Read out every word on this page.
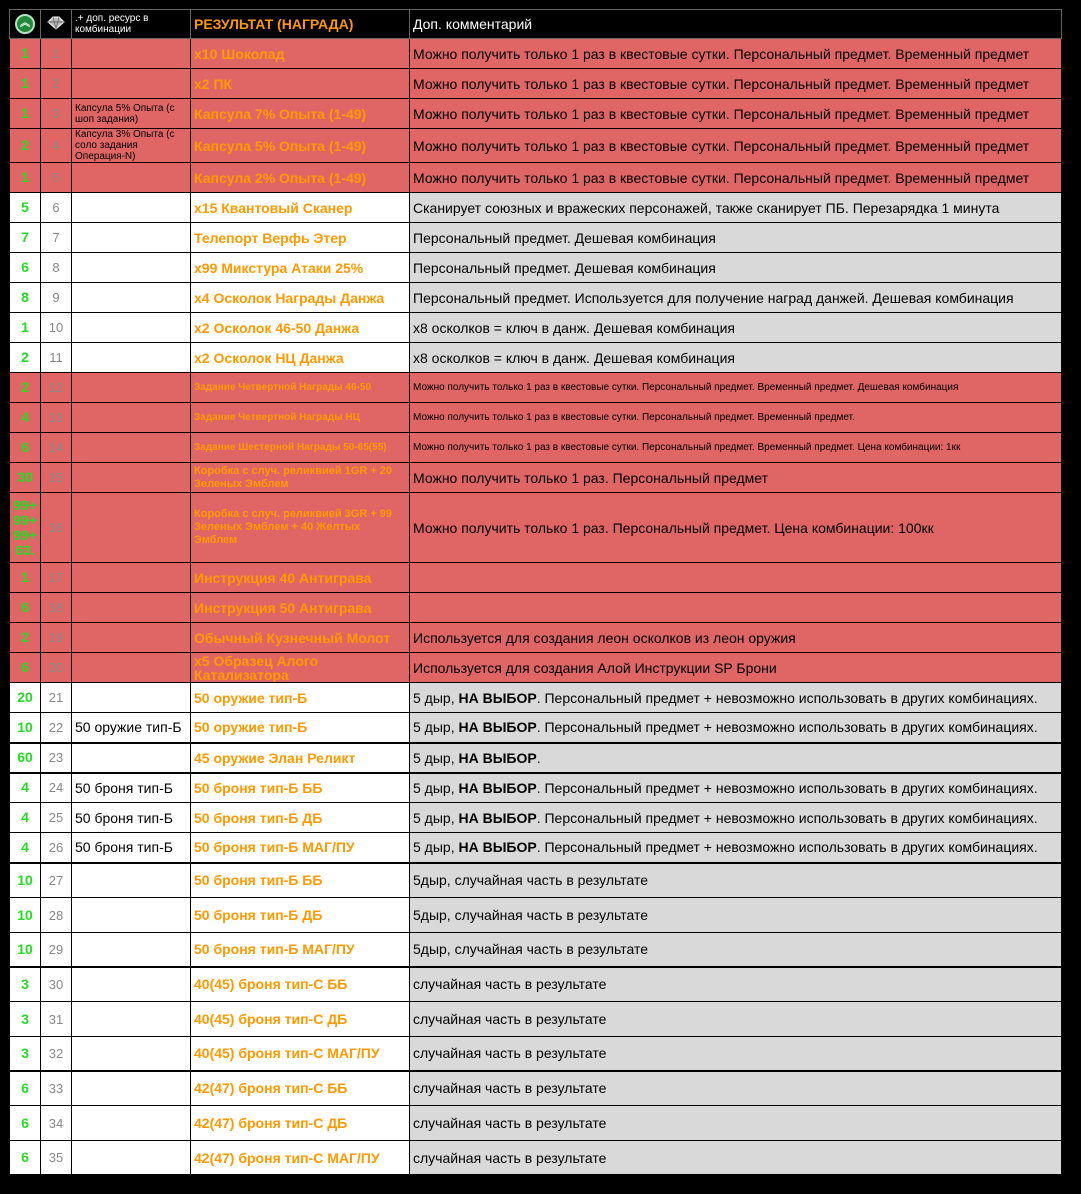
︽		.+ доп. ресурс в комбинации	РЕЗУЛЬТАТ (НАГРАДА)	Доп. комментарий
1	1		x10 Шоколад	Можно получить только 1 раз в квестовые сутки. Персональный предмет. Временный предмет
1	2		x2 ПК	Можно получить только 1 раз в квестовые сутки. Персональный предмет. Временный предмет
1	3	Капсула 5% Опыта (с шоп задания)	Капсула 7% Опыта (1-49)	Можно получить только 1 раз в квестовые сутки. Персональный предмет. Временный предмет
2	4	Капсула 3% Опыта (с соло задания Операция-N)	Капсула 5% Опыта (1-49)	Можно получить только 1 раз в квестовые сутки. Персональный предмет. Временный предмет
1	5		Капсула 2% Опыта (1-49)	Можно получить только 1 раз в квестовые сутки. Персональный предмет. Временный предмет
5	6		x15 Квантовый Сканер	Сканирует союзных и вражеских персонажей, также сканирует ПБ. Перезарядка 1 минута
7	7		Телепорт Верфь Этер	Персональный предмет. Дешевая комбинация
6	8		x99 Микстура Атаки 25%	Персональный предмет. Дешевая комбинация
8	9		x4 Осколок Награды Данжа	Персональный предмет. Используется для получение наград данжей. Дешевая комбинация
1	10		x2 Осколок 46-50 Данжа	x8 осколков = ключ в данж. Дешевая комбинация
2	11		x2 Осколок НЦ Данжа	x8 осколков = ключ в данж. Дешевая комбинация
2	12		Задание Четвертной Награды 46-50	Можно получить только 1 раз в квестовые сутки. Персональный предмет. Временный предмет. Дешевая комбинация
4	13		Задание Четвертной Награды НЦ	Можно получить только 1 раз в квестовые сутки. Персональный предмет. Временный предмет.
6	14		Задание Шестерной Награды 50-65(55)	Можно получить только 1 раз в квестовые сутки. Персональный предмет. Временный предмет. Цена комбинации: 1кк
30	15		Коробка с случ. реликвией 1GR + 20 Зеленых Эмблем	Можно получить только 1 раз. Персональный предмет
99+ 99+ 99+ 63.	16		Коробка с случ. реликвией 3GR + 99 Зеленых Эмблем + 40 Желтых Эмблем	Можно получить только 1 раз. Персональный предмет. Цена комбинации: 100кк
1	17		Инструкция 40 Антиграва	
6	18		Инструкция 50 Антиграва	
2	19		Обычный Кузнечный Молот	Используется для создания леон осколков из леон оружия
6	20		x5 Образец Алого Катализатора	Используется для создания Алой Инструкции SP Брони
20	21		50 оружие тип-Б	5 дыр, НА ВЫБОР. Персональный предмет + невозможно использовать в других комбинациях.
10	22	50 оружие тип-Б	50 оружие тип-Б	5 дыр, НА ВЫБОР. Персональный предмет + невозможно использовать в других комбинациях.
60	23		45 оружие Элан Реликт	5 дыр, НА ВЫБОР.
4	24	50 броня тип-Б	50 броня тип-Б ББ	5 дыр, НА ВЫБОР. Персональный предмет + невозможно использовать в других комбинациях.
4	25	50 броня тип-Б	50 броня тип-Б ДБ	5 дыр, НА ВЫБОР. Персональный предмет + невозможно использовать в других комбинациях.
4	26	50 броня тип-Б	50 броня тип-Б МАГ/ПУ	5 дыр, НА ВЫБОР. Персональный предмет + невозможно использовать в других комбинациях.
10	27		50 броня тип-Б ББ	5дыр, случайная часть в результате
10	28		50 броня тип-Б ДБ	5дыр, случайная часть в результате
10	29		50 броня тип-Б МАГ/ПУ	5дыр, случайная часть в результате
3	30		40(45) броня тип-С ББ	случайная часть в результате
3	31		40(45) броня тип-С ДБ	случайная часть в результате
3	32		40(45) броня тип-С МАГ/ПУ	случайная часть в результате
6	33		42(47) броня тип-С ББ	случайная часть в результате
6	34		42(47) броня тип-С ДБ	случайная часть в результате
6	35		42(47) броня тип-С МАГ/ПУ	случайная часть в результате
